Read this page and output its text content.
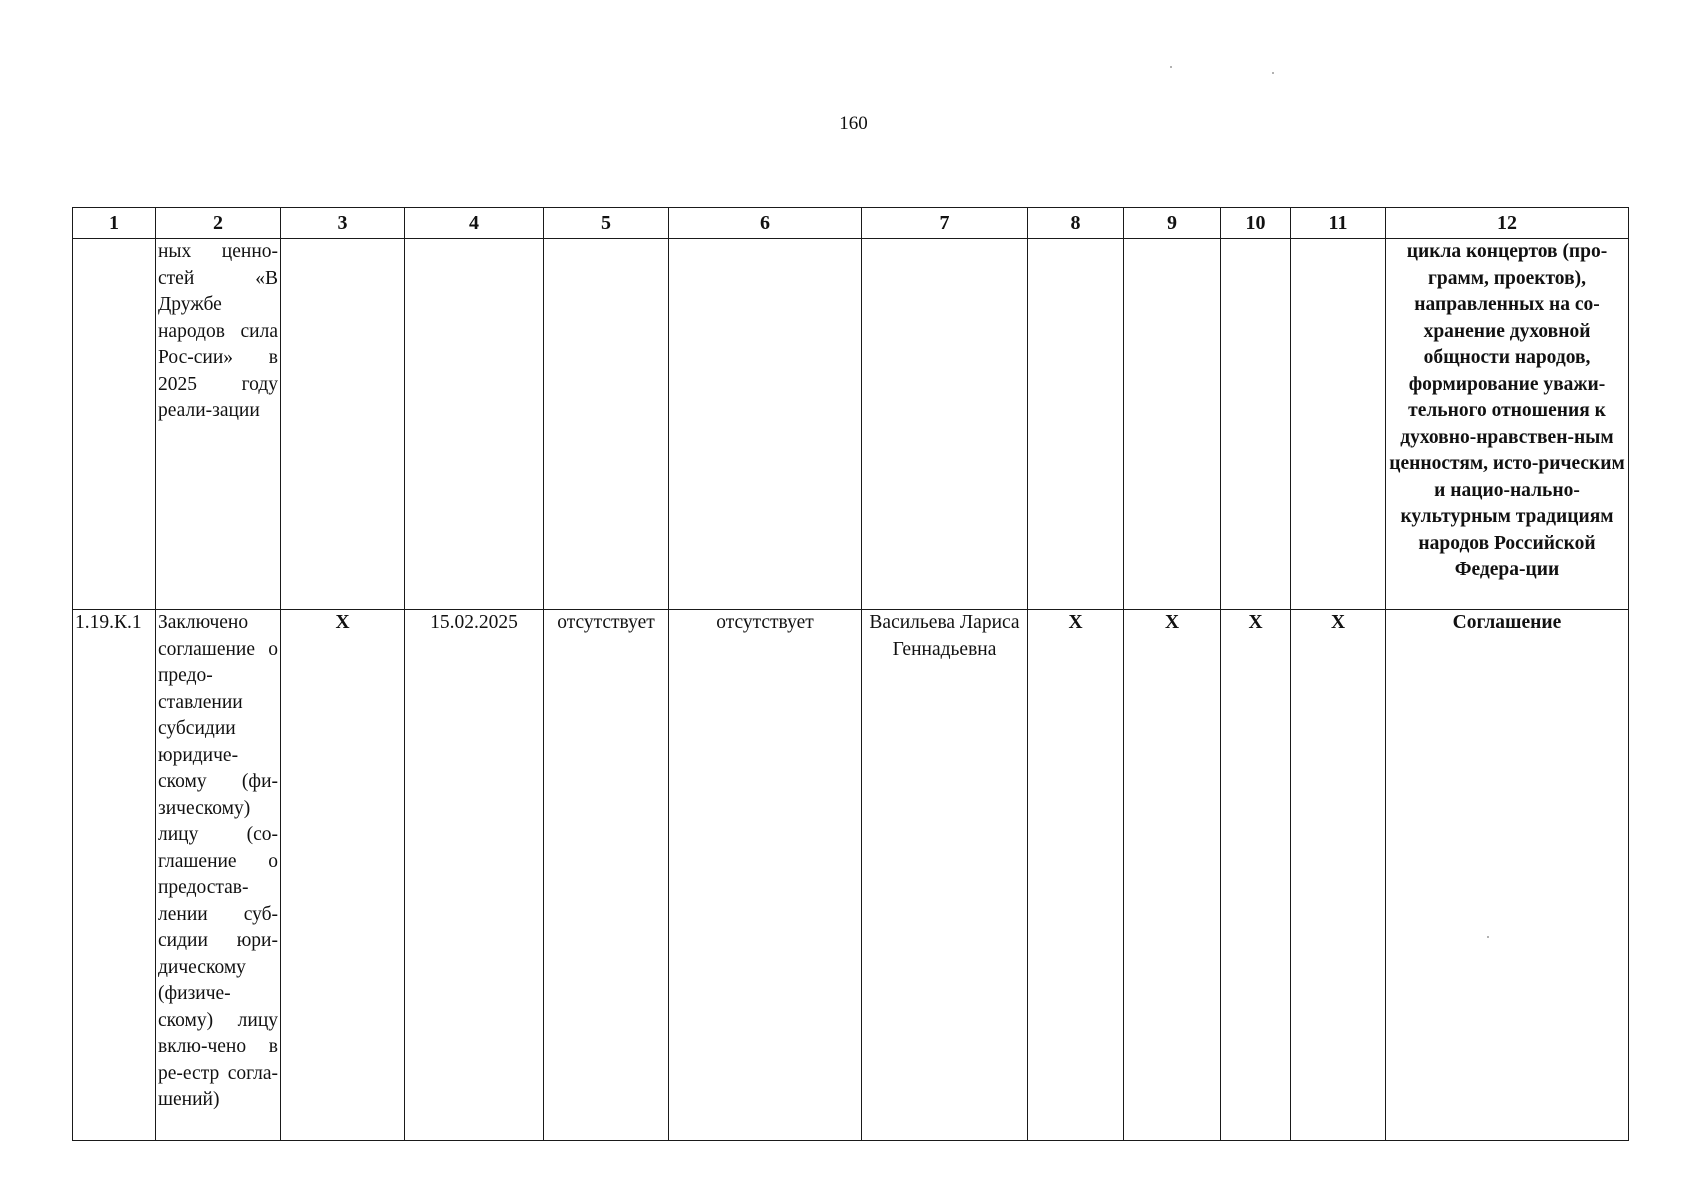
160
1	2	3	4	5	6	7	8	9	10	11	12
	ных ценно-стей «В Дружбе народов сила Рос-сии» в 2025 году реали-зации										цикла концертов (про-грамм, проектов), направленных на со-хранение духовной общности народов, формирование уважи-тельного отношения к духовно-нравствен-ным ценностям, исто-рическим и нацио-нально-культурным традициям народов Российской Федера-ции
1.19.К.1	Заключено соглашение о предо-ставлении субсидии юридиче-скому (фи-зическому) лицу (со-глашение о предостав-лении суб-сидии юри-дическому (физиче-скому) лицу вклю-чено в ре-естр согла-шений)	X	15.02.2025	отсутствует	отсутствует	Васильева Лариса Геннадьевна	X	X	X	X	Соглашение
